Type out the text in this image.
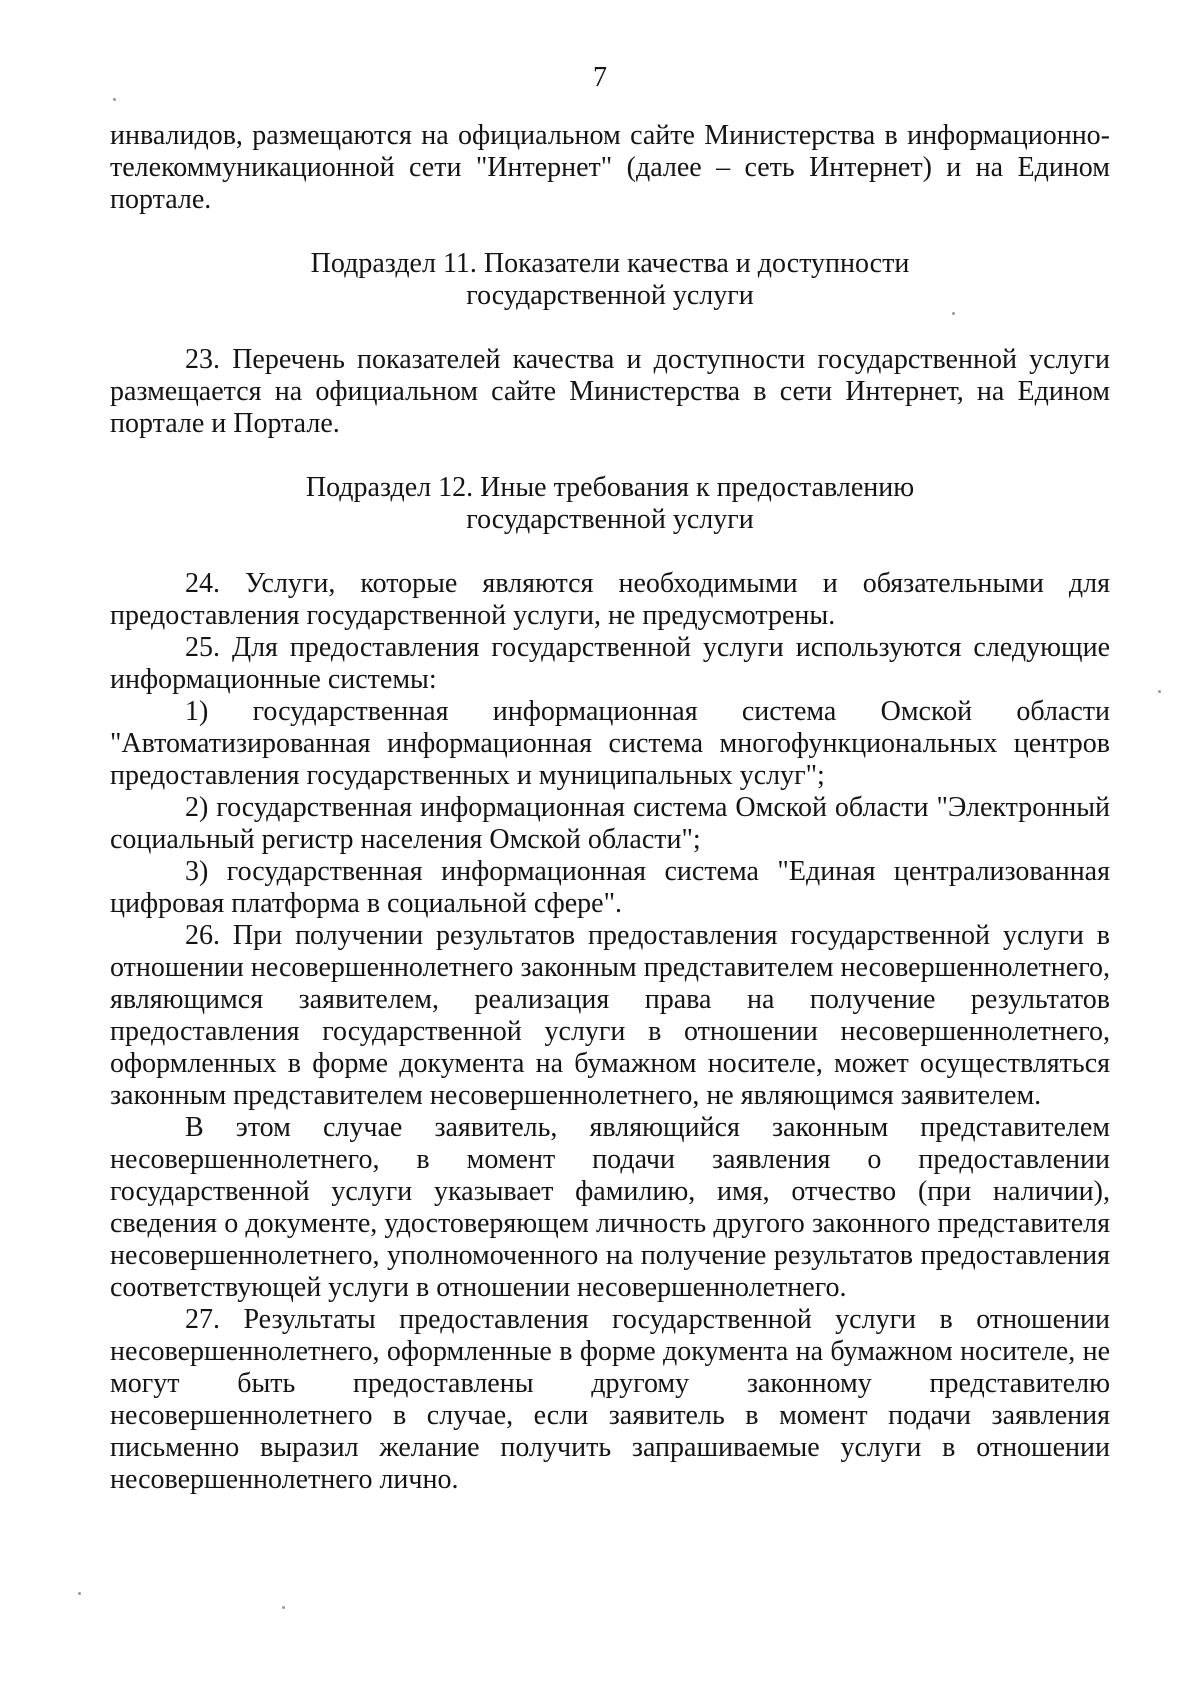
7

инвалидов, размещаются на официальном сайте Министерства в информационно-телекоммуникационной сети "Интернет" (далее – сеть Интернет) и на Едином портале.

Подраздел 11. Показатели качества и доступности
государственной услуги

23. Перечень показателей качества и доступности государственной услуги размещается на официальном сайте Министерства в сети Интернет, на Едином портале и Портале.

Подраздел 12. Иные требования к предоставлению
государственной услуги

24. Услуги, которые являются необходимыми и обязательными для предоставления государственной услуги, не предусмотрены.

25. Для предоставления государственной услуги используются следующие информационные системы:

1) государственная информационная система Омской области "Автоматизированная информационная система многофункциональных центров предоставления государственных и муниципальных услуг";

2) государственная информационная система Омской области "Электронный социальный регистр населения Омской области";

3) государственная информационная система "Единая централизованная цифровая платформа в социальной сфере".

26. При получении результатов предоставления государственной услуги в отношении несовершеннолетнего законным представителем несовершеннолетнего, являющимся заявителем, реализация права на получение результатов предоставления государственной услуги в отношении несовершеннолетнего, оформленных в форме документа на бумажном носителе, может осуществляться законным представителем несовершеннолетнего, не являющимся заявителем.

В этом случае заявитель, являющийся законным представителем несовершеннолетнего, в момент подачи заявления о предоставлении государственной услуги указывает фамилию, имя, отчество (при наличии), сведения о документе, удостоверяющем личность другого законного представителя несовершеннолетнего, уполномоченного на получение результатов предоставления соответствующей услуги в отношении несовершеннолетнего.

27. Результаты предоставления государственной услуги в отношении несовершеннолетнего, оформленные в форме документа на бумажном носителе, не могут быть предоставлены другому законному представителю несовершеннолетнего в случае, если заявитель в момент подачи заявления письменно выразил желание получить запрашиваемые услуги в отношении несовершеннолетнего лично.
